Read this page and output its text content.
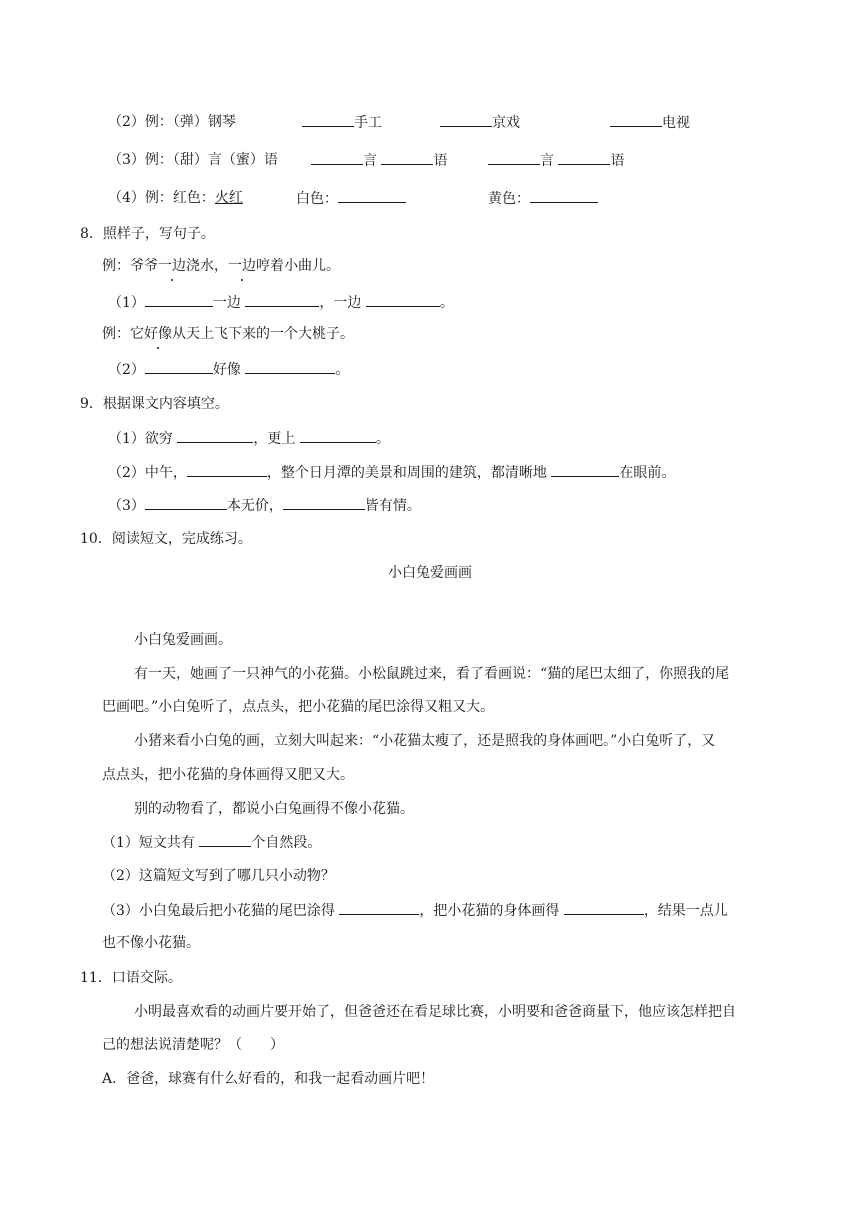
（2）例：（弹）钢琴	手工	京戏	电视
（3）例：（甜）言（蜜）语	言	语	言	语
（4）例：红色：火红	白色：	黄色：
8．照样子，写句子。
例：爷爷一边浇水，一边哼着小曲儿。
（1）	一边	，一边	。
例：它好像从天上飞下来的一个大桃子。
（2）	好像	。
9．根据课文内容填空。
（1）欲穷	，更上	。
（2）中午，	，整个日月潭的美景和周围的建筑，都清晰地	在眼前。
（3）	本无价，	皆有情。
10．阅读短文，完成练习。
小白兔爱画画
小白兔爱画画。
有一天，她画了一只神气的小花猫。小松鼠跳过来，看了看画说：“猫的尾巴太细了，你照我的尾
巴画吧。”小白兔听了，点点头，把小花猫的尾巴涂得又粗又大。
小猪来看小白兔的画，立刻大叫起来：“小花猫太瘦了，还是照我的身体画吧。”小白兔听了，又
点点头，把小花猫的身体画得又肥又大。
别的动物看了，都说小白兔画得不像小花猫。
（1）短文共有	个自然段。
（2）这篇短文写到了哪几只小动物？
（3）小白兔最后把小花猫的尾巴涂得	，把小花猫的身体画得	，结果一点儿
也不像小花猫。
11．口语交际。
小明最喜欢看的动画片要开始了，但爸爸还在看足球比赛，小明要和爸爸商量下，他应该怎样把自
己的想法说清楚呢？（　　）
A．爸爸，球赛有什么好看的，和我一起看动画片吧！
